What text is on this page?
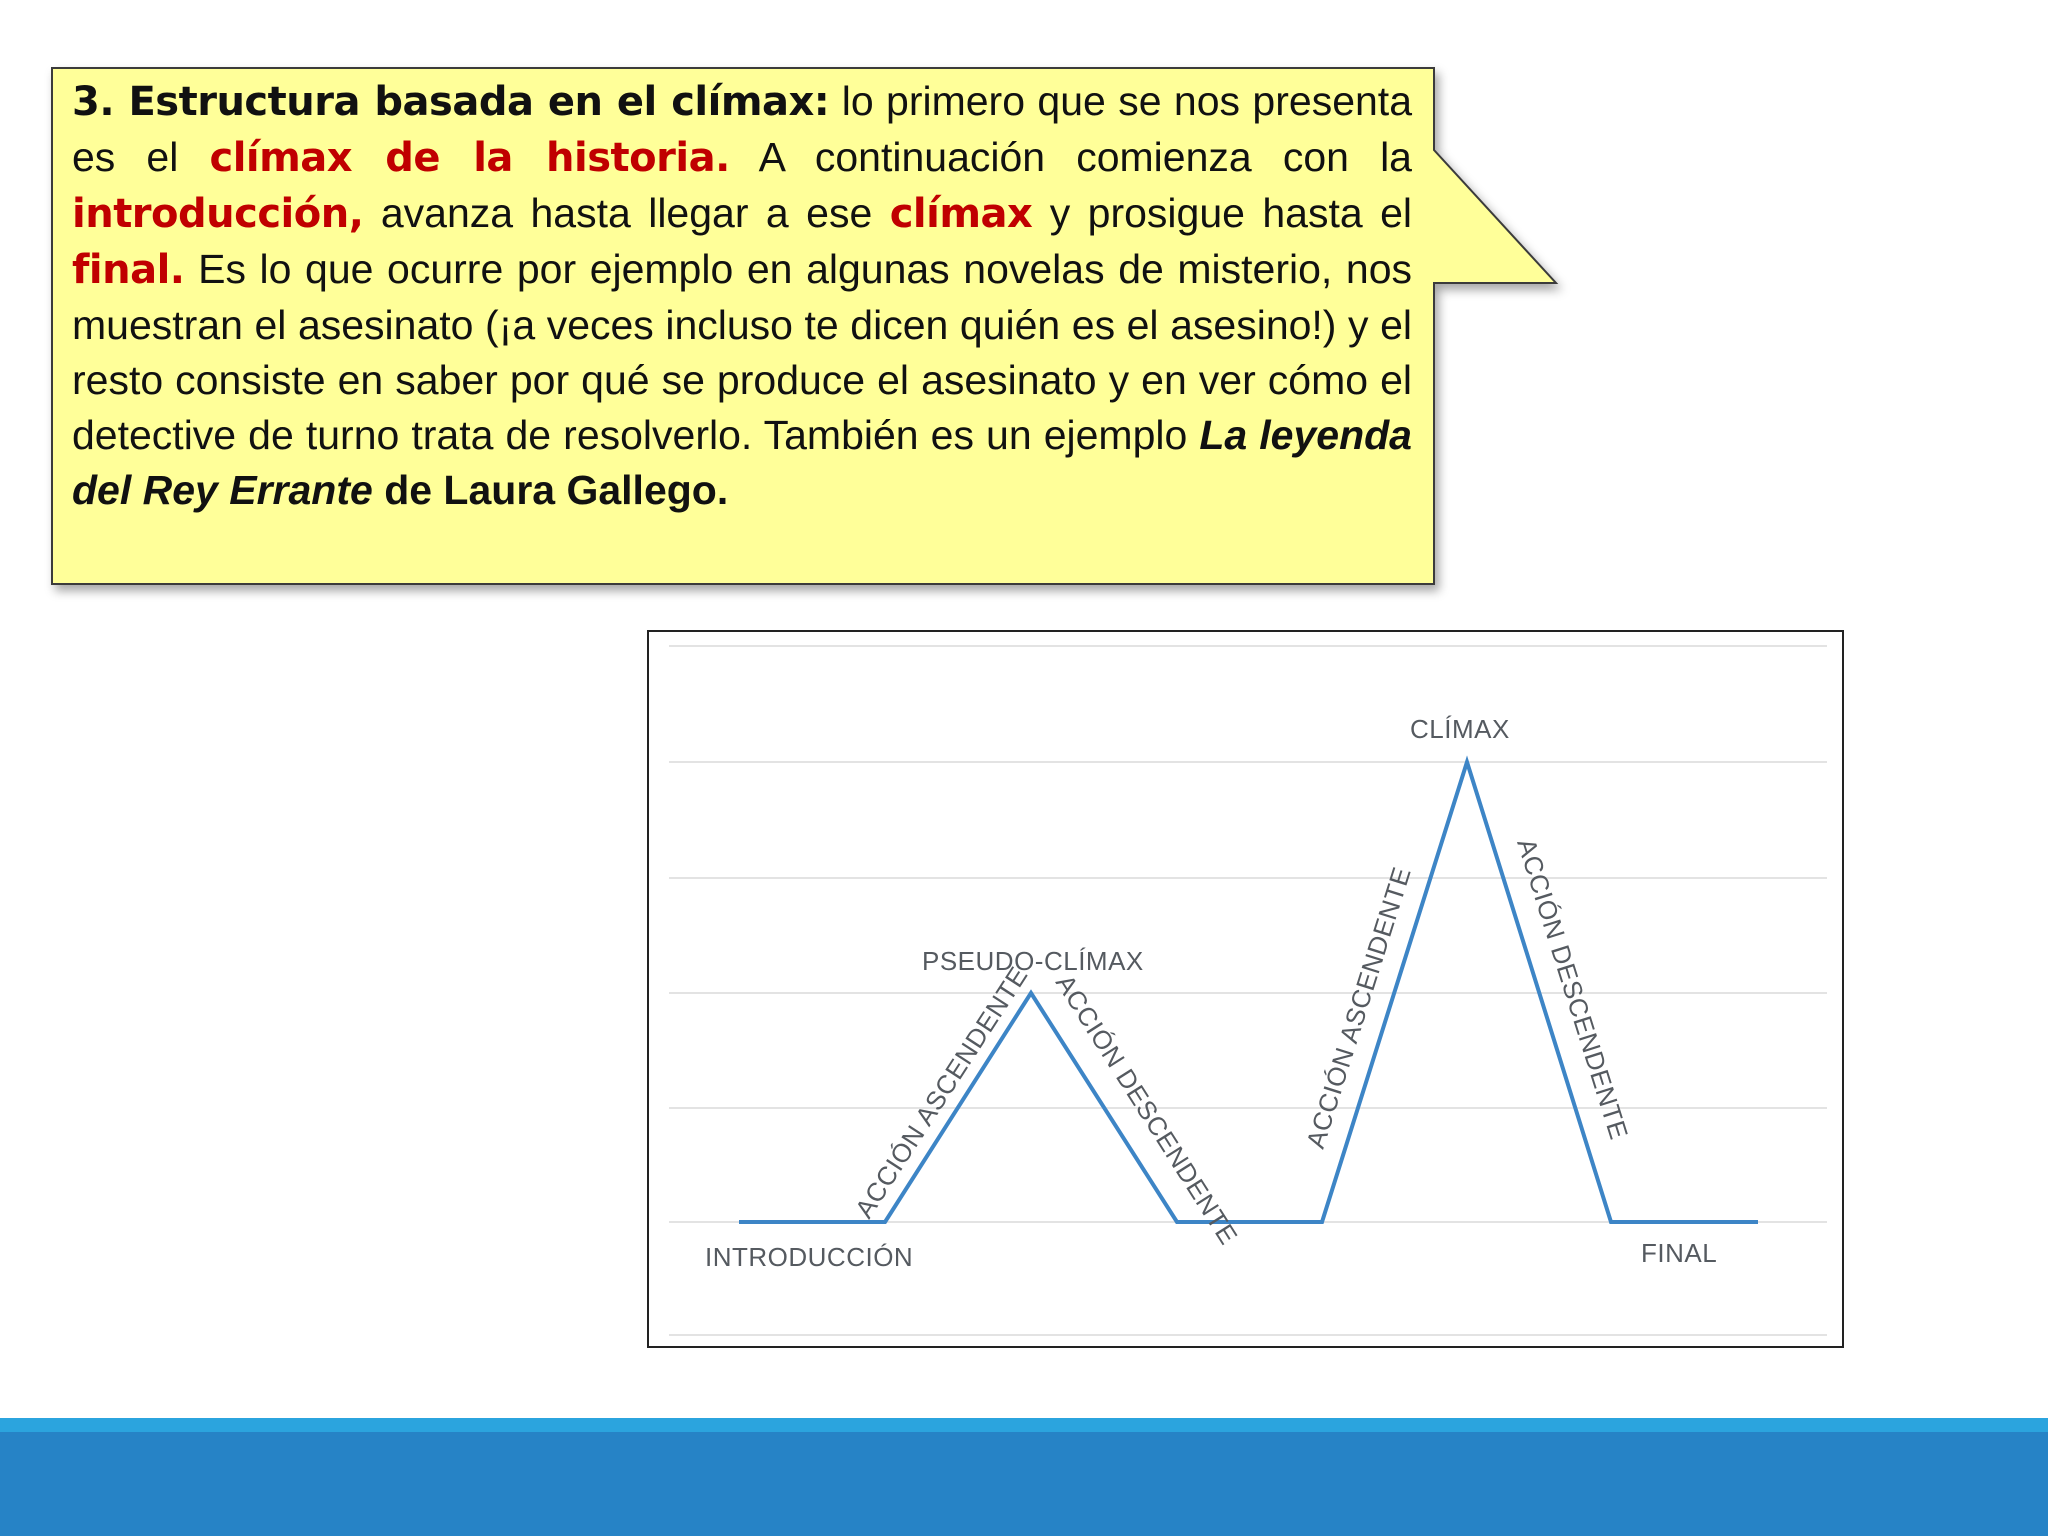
3. Estructura basada en el clímax: lo primero que se nos presenta es el clímax de la historia. A continuación comienza con la introducción, avanza hasta llegar a ese clímax y prosigue hasta el final. Es lo que ocurre por ejemplo en algunas novelas de misterio, nos muestran el asesinato (¡a veces incluso te dicen quién es el asesino!) y el resto consiste en saber por qué se produce el asesinato y en ver cómo el detective de turno trata de resolverlo. También es un ejemplo La leyenda del Rey Errante de Laura Gallego.
INTRODUCCIÓN
ACCIÓN ASCENDENTE
PSEUDO-CLÍMAX
ACCIÓN DESCENDENTE ACCIÓN ASCENDENTE
CLÍMAX
ACCIÓN DESCENDENTE
FINAL
